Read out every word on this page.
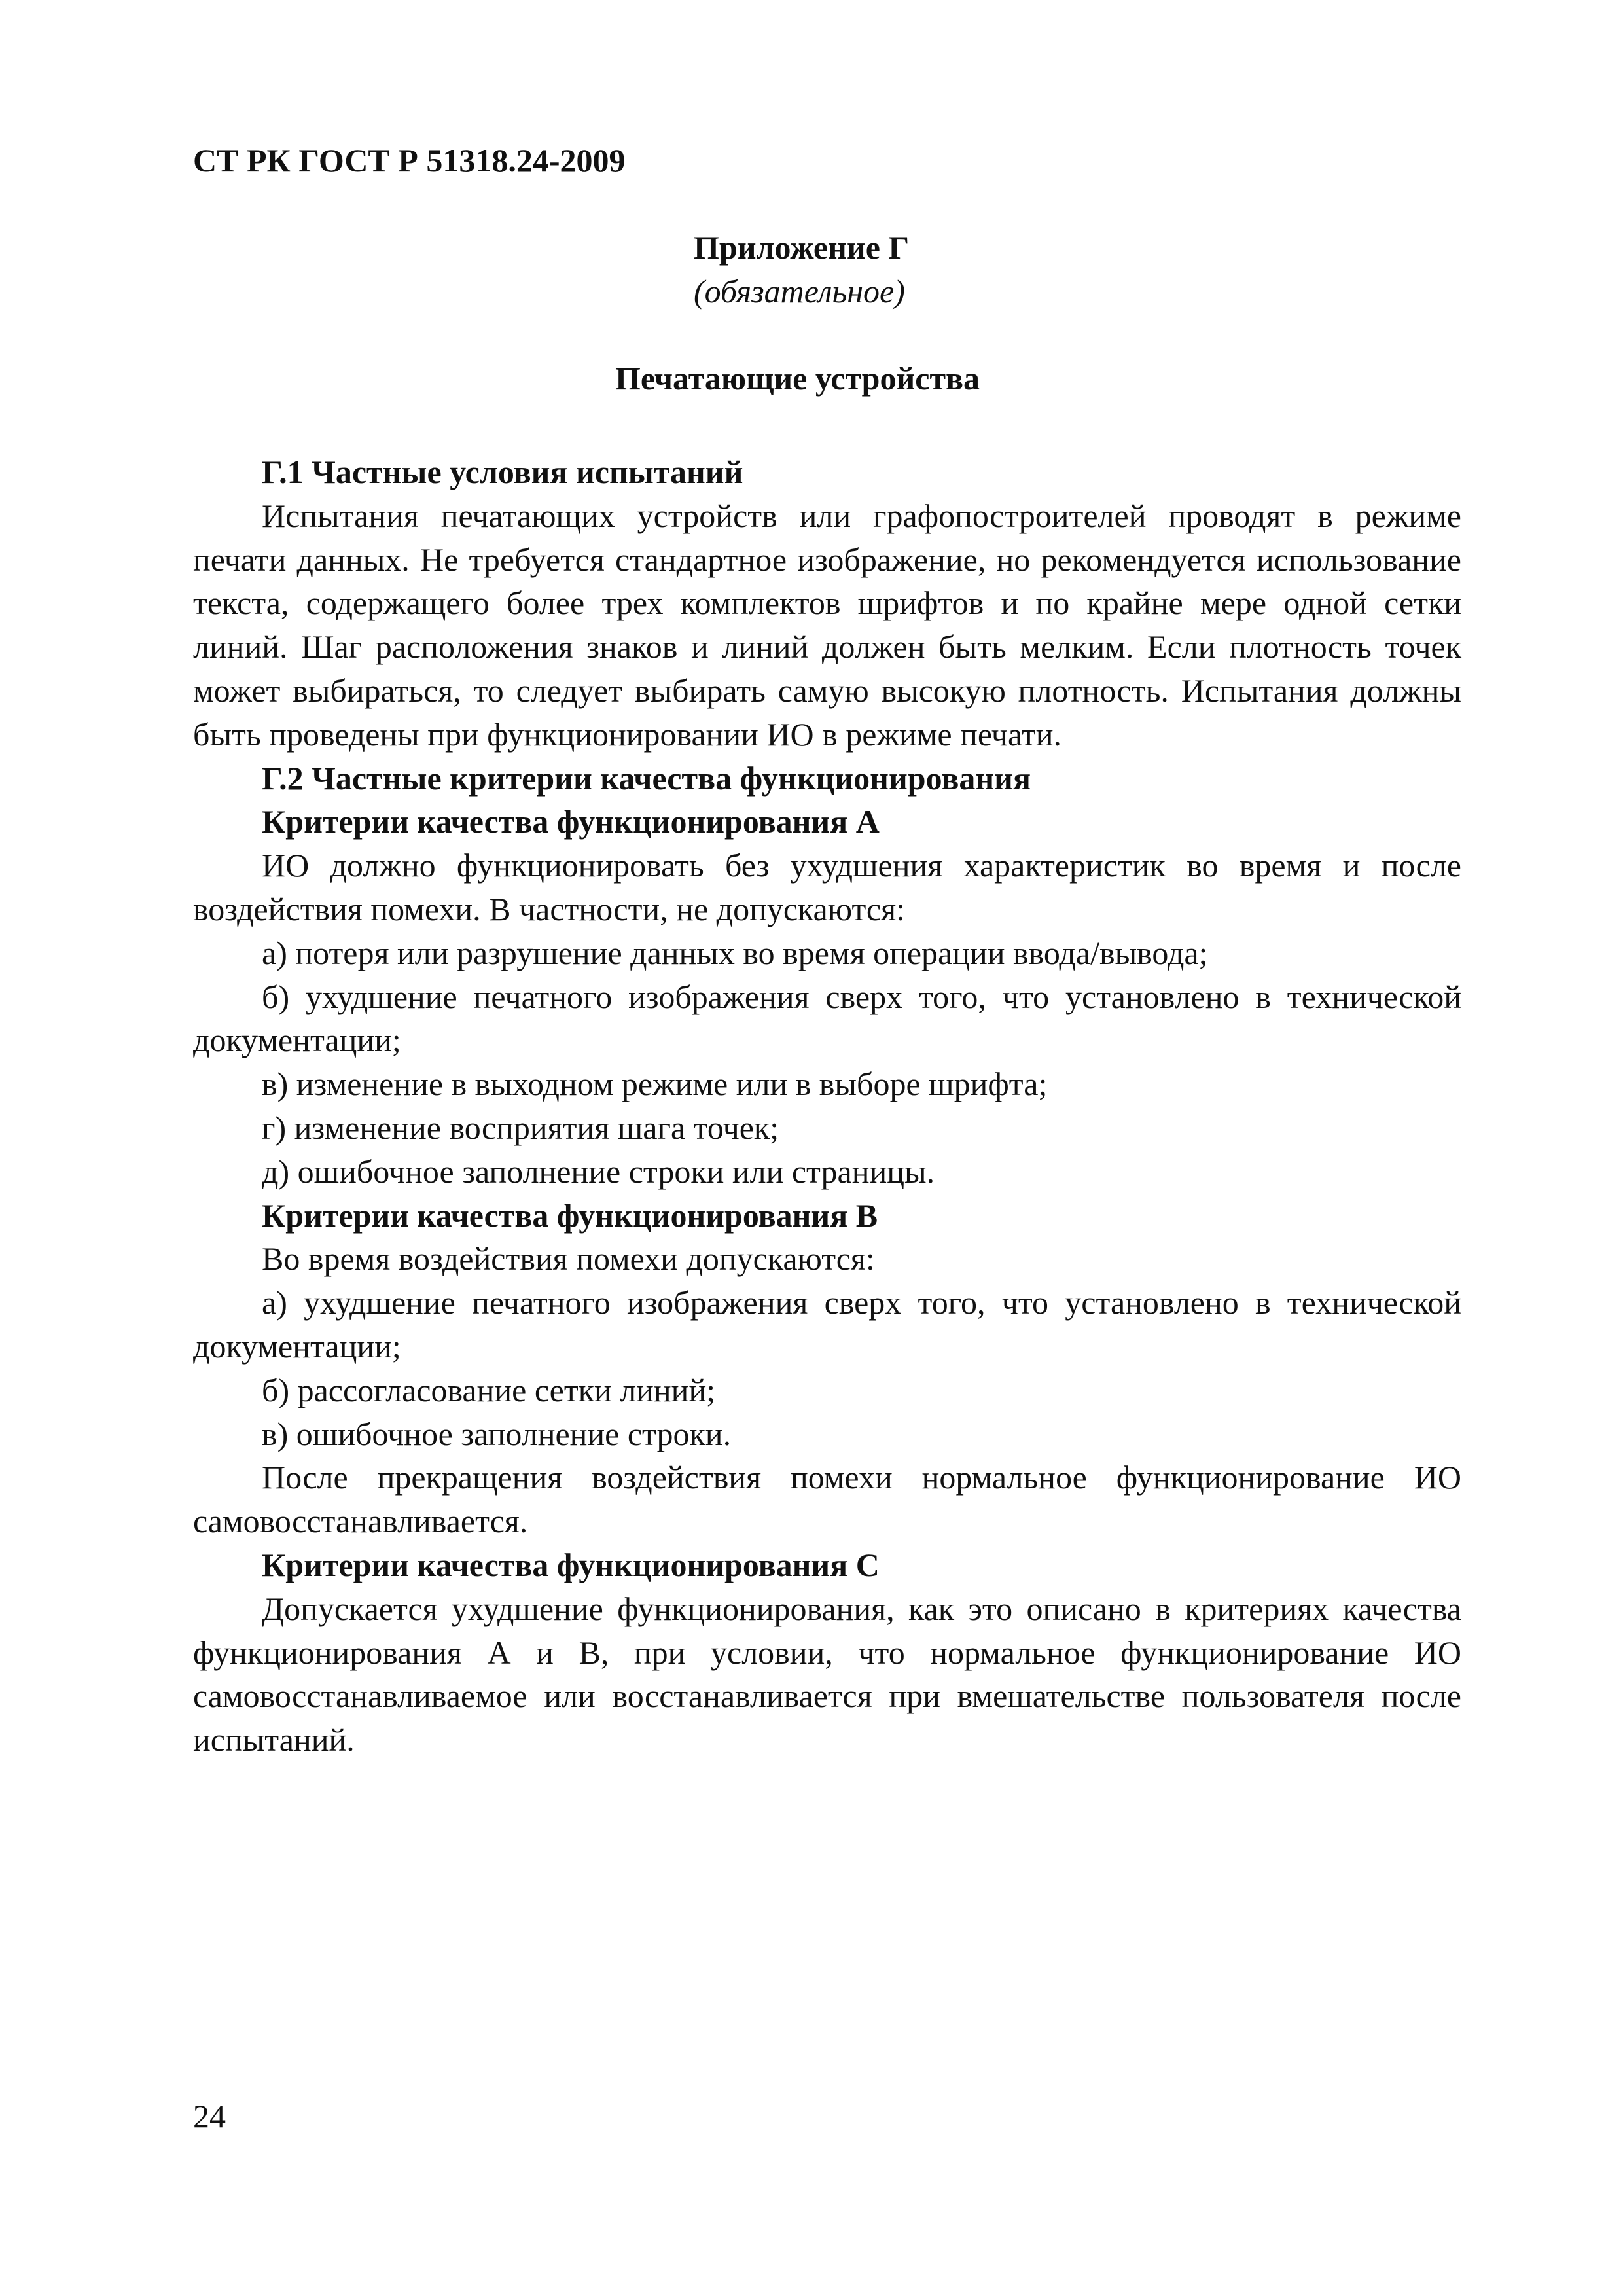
СТ РК ГОСТ Р 51318.24-2009
Приложение Г

(обязательное)

Печатающие устройства
Г.1 Частные условия испытаний

Испытания печатающих устройств или графопостроителей проводят в режиме печати данных. Не требуется стандартное изображение, но рекомендуется использование текста, содержащего более трех комплектов шрифтов и по крайне мере одной сетки линий. Шаг расположения знаков и линий должен быть мелким. Если плотность точек может выбираться, то следует выбирать самую высокую плотность. Испытания должны быть проведены при функционировании ИО в режиме печати.

Г.2 Частные критерии качества функционирования
Критерии качества функционирования А

ИО должно функционировать без ухудшения характеристик во время и после воздействия помехи. В частности, не допускаются:

а) потеря или разрушение данных во время операции ввода/вывода;

б) ухудшение печатного изображения сверх того, что установлено в технической документации;

в) изменение в выходном режиме или в выборе шрифта;

г) изменение восприятия шага точек;

д) ошибочное заполнение строки или страницы.

Критерии качества функционирования В

Во время воздействия помехи допускаются:

а) ухудшение печатного изображения сверх того, что установлено в технической документации;

б) рассогласование сетки линий;

в) ошибочное заполнение строки.

После прекращения воздействия помехи нормальное функционирование ИО самовосстанавливается.

Критерии качества функционирования С

Допускается ухудшение функционирования, как это описано в критериях качества функционирования А и В, при условии, что нормальное функционирование ИО самовосстанавливаемое или восстанавливается при вмешательстве пользователя после испытаний.

24
